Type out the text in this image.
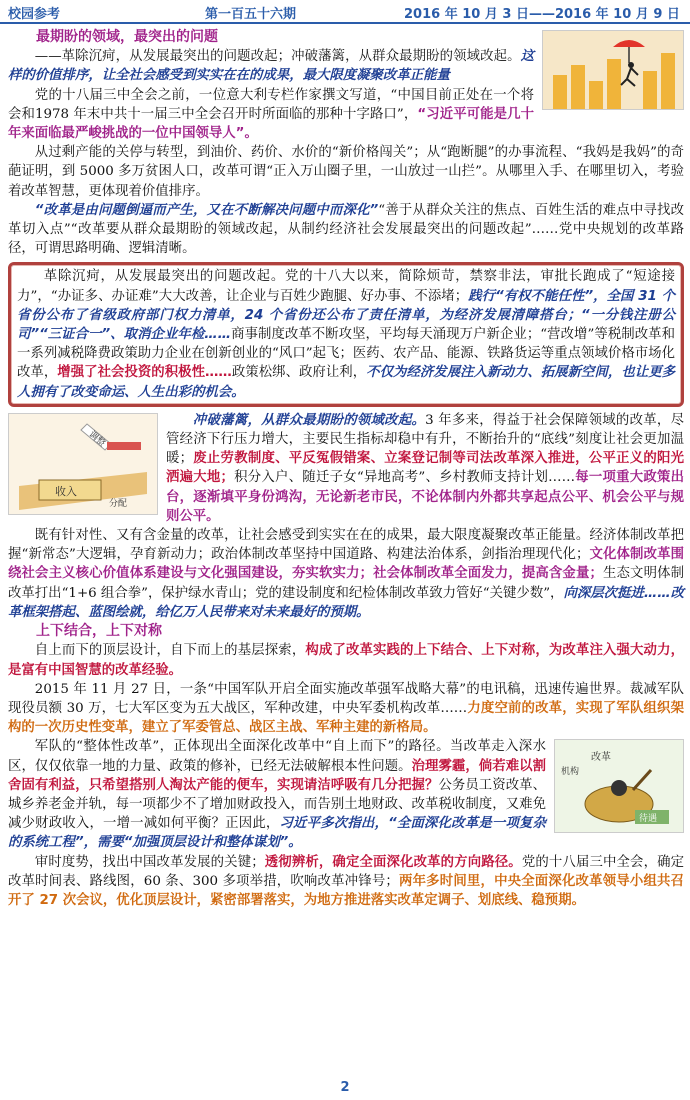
校园参考	第一百五十六期	2016 年 10 月 3 日——2016 年 10 月 9 日
最期盼的领域，最突出的问题

——革除沉疴，从发展最突出的问题改起；冲破藩篱，从群众最期盼的领域改起。这样的价值排序，让全社会感受到实实在在的成果，最大限度凝聚改革正能量

党的十八届三中全会之前，一位意大利专栏作家撰文写道，“中国目前正处在一个将会和1978 年末中共十一届三中全会召开时所面临的那种十字路口”，“习近平可能是几十年来面临最严峻挑战的一位中国领导人”。

从过剩产能的关停与转型，到油价、药价、水价的“新价格闯关”；从“跑断腿”的办事流程、“我妈是我妈”的奇葩证明，到 5000 多万贫困人口，改革可谓“正入万山圈子里，一山放过一山拦”。从哪里入手、在哪里切入，考验着改革智慧，更体现着价值排序。

“改革是由问题倒逼而产生，又在不断解决问题中而深化”“善于从群众关注的焦点、百姓生活的难点中寻找改革切入点”“改革要从群众最期盼的领域改起，从制约经济社会发展最突出的问题改起”……党中央规划的改革路径，可谓思路明确、逻辑清晰。

革除沉疴，从发展最突出的问题改起。党的十八大以来，简除烦苛，禁察非法，审批长跑成了“短途接力”，“办证多、办证难”大大改善，让企业与百姓少跑腿、好办事、不添堵；践行“有权不能任性”，全国 31 个省份公布了省级政府部门权力清单，24 个省份还公布了责任清单，为经济发展清障搭台；“一分钱注册公司”“三证合一”、取消企业年检……商事制度改革不断攻坚，平均每天涌现万户新企业；“营改增”等税制改革和一系列减税降费政策助力企业在创新创业的“风口”起飞；医药、农产品、能源、铁路货运等重点领域价格市场化改革，增强了社会投资的积极性……政策松绑、政府让利，不仅为经济发展注入新动力、拓展新空间，也让更多人拥有了改变命运、人生出彩的机会。

收入
调整
分配

冲破藩篱，从群众最期盼的领域改起。3 年多来，得益于社会保障领域的改革，尽管经济下行压力增大，主要民生指标却稳中有升，不断抬升的“底线”刻度让社会更加温暖；废止劳教制度、平反冤假错案、立案登记制等司法改革深入推进，公平正义的阳光洒遍大地；积分入户、随迁子女“异地高考”、乡村教师支持计划……每一项重大政策出台，逐渐填平身份鸿沟，无论新老市民，不论体制内外都共享起点公平、机会公平与规则公平。

既有针对性、又有含金量的改革，让社会感受到实实在在的成果，最大限度凝聚改革正能量。经济体制改革把握“新常态”大逻辑，孕育新动力；政治体制改革坚持中国道路、构建法治体系，剑指治理现代化；文化体制改革围绕社会主义核心价值体系建设与文化强国建设，夯实软实力；社会体制改革全面发力，提高含金量；生态文明体制改革打出“1+6 组合拳”，保护绿水青山；党的建设制度和纪检体制改革致力管好“关键少数”，向深层次挺进……改革框架搭起、蓝图绘就，给亿万人民带来对未来最好的预期。

上下结合，上下对称

自上而下的顶层设计，自下而上的基层探索，构成了改革实践的上下结合、上下对称，为改革注入强大动力，是富有中国智慧的改革经验。

2015 年 11 月 27 日，一条“中国军队开启全面实施改革强军战略大幕”的电讯稿，迅速传遍世界。裁减军队现役员额 30 万，七大军区变为五大战区，军种改建，中央军委机构改革……力度空前的改革，实现了军队组织架构的一次历史性变革，建立了军委管总、战区主战、军种主建的新格局。

改革
机构
待遇

军队的“整体性改革”，正体现出全面深化改革中“自上而下”的路径。当改革走入深水区，仅仅依靠一地的力量、政策的修补，已经无法破解根本性问题。治理雾霾，倘若难以割舍固有利益，只希望搭别人淘汰产能的便车，实现请洁呼吸有几分把握？公务员工资改革、城乡养老金并轨，每一项都少不了增加财政投入，而告别土地财政、改革税收制度，又难免减少财政收入，一增一减如何平衡？正因此，习近平多次指出，“全面深化改革是一项复杂的系统工程”，需要“加强顶层设计和整体谋划”。

审时度势，找出中国改革发展的关键；透彻辨析，确定全面深化改革的方向路径。党的十八届三中全会，确定改革时间表、路线图，60 条、300 多项举措，吹响改革冲锋号；两年多时间里，中央全面深化改革领导小组共召开了 27 次会议，优化顶层设计，紧密部署落实，为地方推进落实改革定调子、划底线、稳预期。

2
